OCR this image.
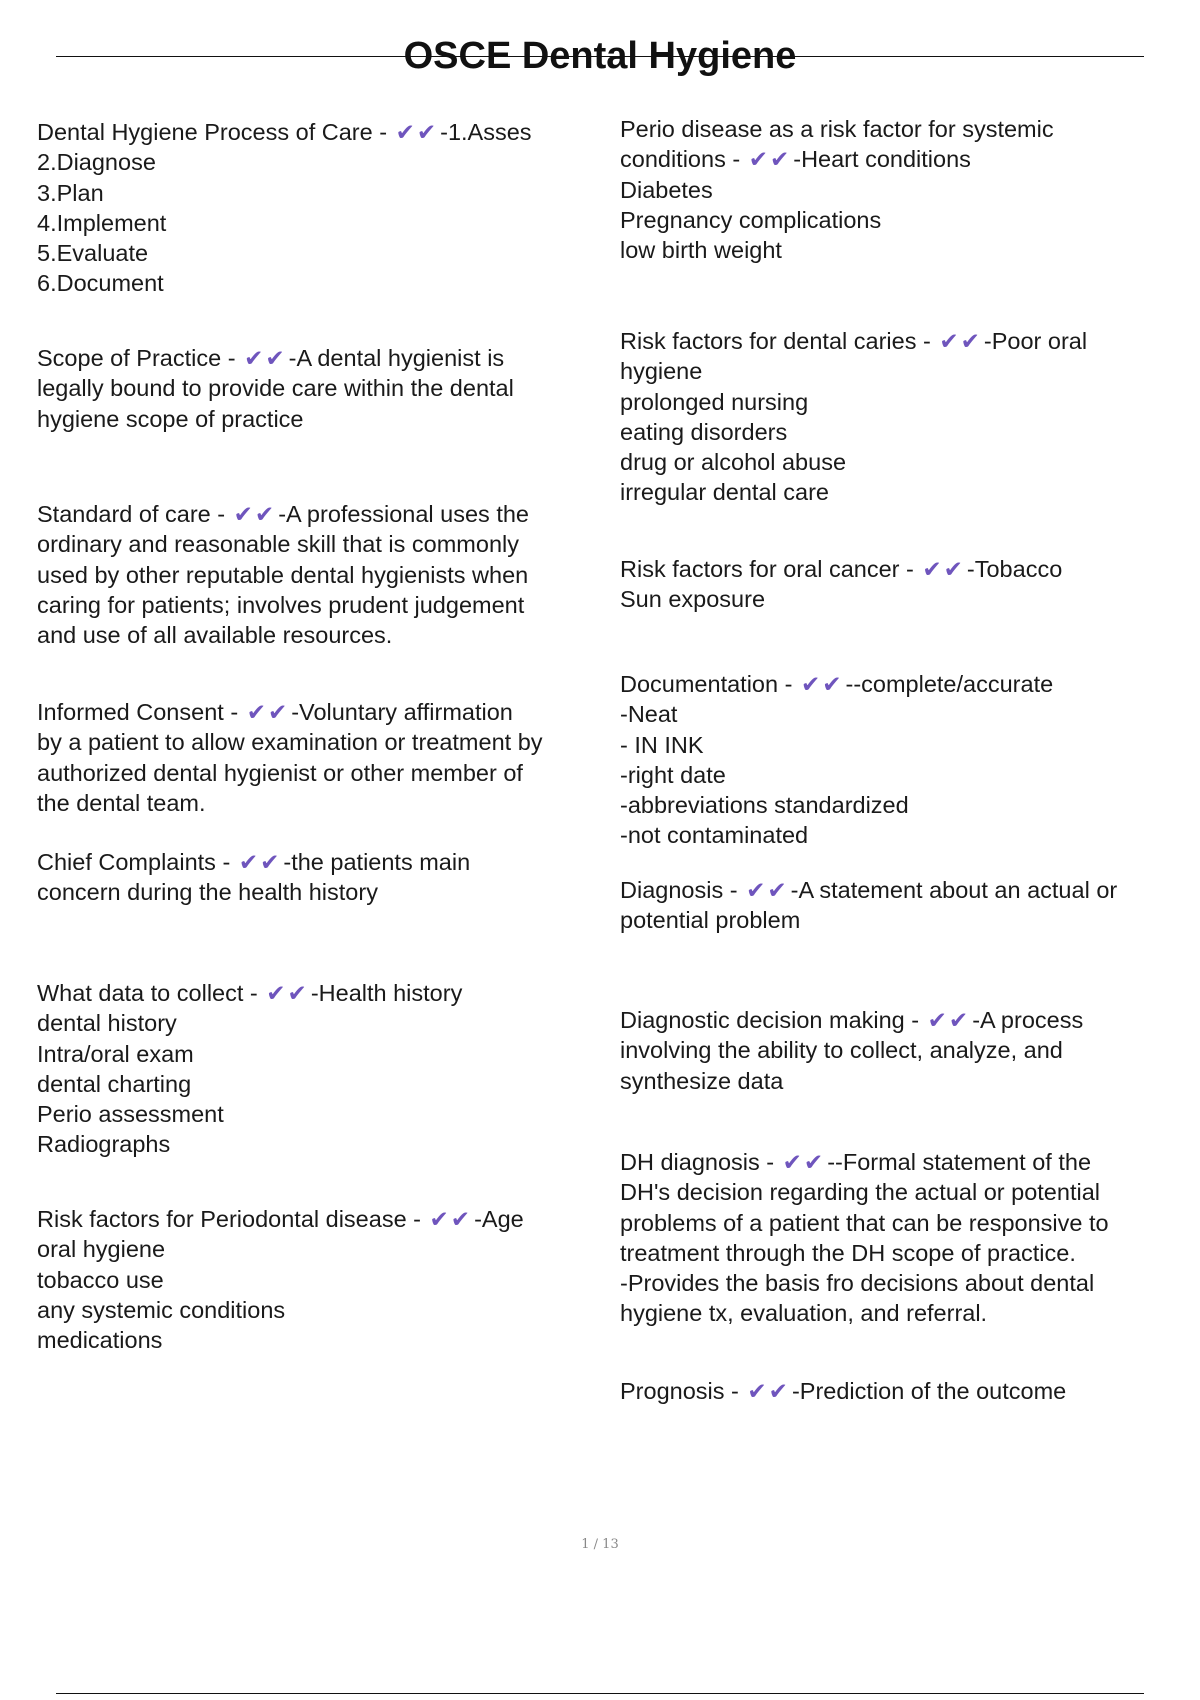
OSCE Dental Hygiene
Dental Hygiene Process of Care - ✔✔-1.Asses
2.Diagnose
3.Plan
4.Implement
5.Evaluate
6.Document
Scope of Practice - ✔✔-A dental hygienist is
legally bound to provide care within the dental
hygiene scope of practice
Standard of care - ✔✔-A professional uses the
ordinary and reasonable skill that is commonly
used by other reputable dental hygienists when
caring for patients; involves prudent judgement
and use of all available resources.
Informed Consent - ✔✔-Voluntary affirmation
by a patient to allow examination or treatment by
authorized dental hygienist or other member of
the dental team.
Chief Complaints - ✔✔-the patients main
concern during the health history
What data to collect - ✔✔-Health history
dental history
Intra/oral exam
dental charting
Perio assessment
Radiographs
Risk factors for Periodontal disease - ✔✔-Age
oral hygiene
tobacco use
any systemic conditions
medications
Perio disease as a risk factor for systemic
conditions - ✔✔-Heart conditions
Diabetes
Pregnancy complications
low birth weight
Risk factors for dental caries - ✔✔-Poor oral
hygiene
prolonged nursing
eating disorders
drug or alcohol abuse
irregular dental care
Risk factors for oral cancer - ✔✔-Tobacco
Sun exposure
Documentation - ✔✔--complete/accurate
-Neat
- IN INK
-right date
-abbreviations standardized
-not contaminated
Diagnosis - ✔✔-A statement about an actual or
potential problem
Diagnostic decision making - ✔✔-A process
involving the ability to collect, analyze, and
synthesize data
DH diagnosis - ✔✔--Formal statement of the
DH's decision regarding the actual or potential
problems of a patient that can be responsive to
treatment through the DH scope of practice.
-Provides the basis fro decisions about dental
hygiene tx, evaluation, and referral.
Prognosis - ✔✔-Prediction of the outcome
1 / 13
